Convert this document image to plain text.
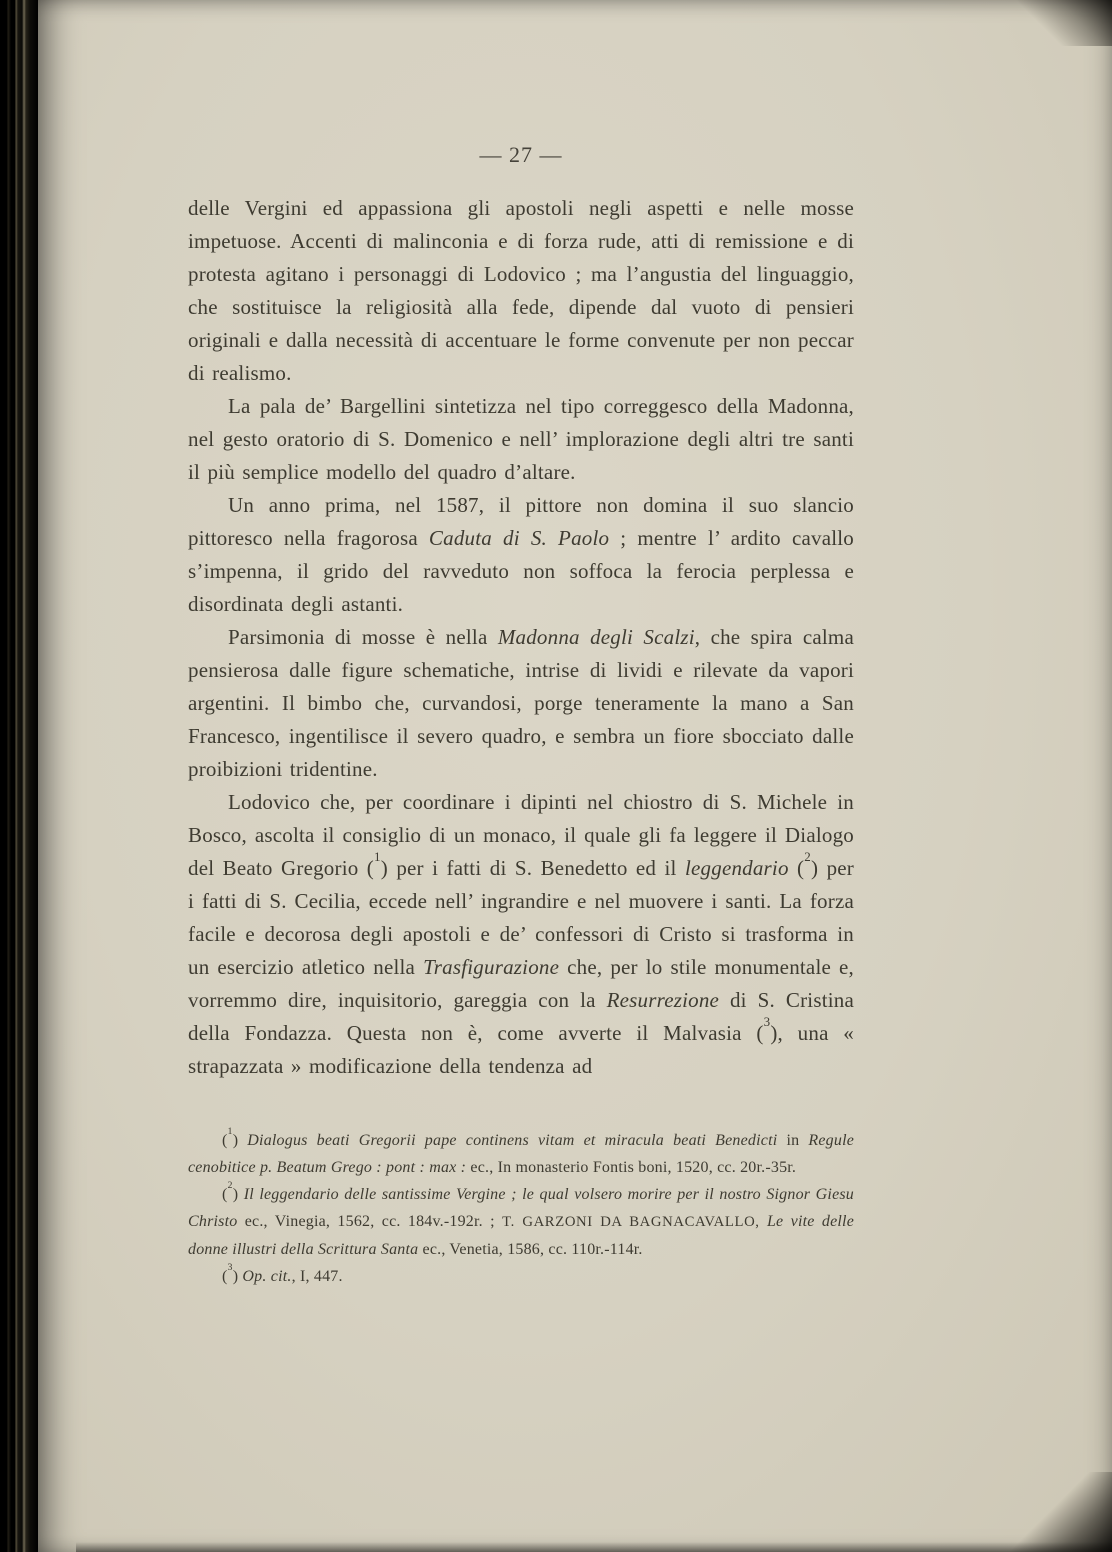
— 27 —

delle Vergini ed appassiona gli apostoli negli aspetti e nelle mosse impetuose. Accenti di malinconia e di forza rude, atti di remissione e di protesta agitano i personaggi di Lodovico ; ma l’angustia del linguaggio, che sostituisce la religiosità alla fede, dipende dal vuoto di pensieri originali e dalla necessità di accentuare le forme convenute per non peccar di realismo.

La pala de’ Bargellini sintetizza nel tipo correggesco della Madonna, nel gesto oratorio di S. Domenico e nell’ implorazione degli altri tre santi il più semplice modello del quadro d’altare.

Un anno prima, nel 1587, il pittore non domina il suo slancio pittoresco nella fragorosa Caduta di S. Paolo ; mentre l’ ardito cavallo s’impenna, il grido del ravveduto non soffoca la ferocia perplessa e disordinata degli astanti.

Parsimonia di mosse è nella Madonna degli Scalzi, che spira calma pensierosa dalle figure schematiche, intrise di lividi e rilevate da vapori argentini. Il bimbo che, curvandosi, porge teneramente la mano a San Francesco, ingentilisce il severo quadro, e sembra un fiore sbocciato dalle proibizioni tridentine.

Lodovico che, per coordinare i dipinti nel chiostro di S. Michele in Bosco, ascolta il consiglio di un monaco, il quale gli fa leggere il Dialogo del Beato Gregorio ($^1$) per i fatti di S. Benedetto ed il leggendario ($^2$) per i fatti di S. Cecilia, eccede nell’ ingrandire e nel muovere i santi. La forza facile e decorosa degli apostoli e de’ confessori di Cristo si trasforma in un esercizio atletico nella Trasfigurazione che, per lo stile monumentale e, vorremmo dire, inquisitorio, gareggia con la Resurrezione di S. Cristina della Fondazza. Questa non è, come avverte il Malvasia ($^3$), una « strapazzata » modificazione della tendenza ad

($^1$) Dialogus beati Gregorii pape continens vitam et miracula beati Benedicti in Regule cenobitice p. Beatum Grego : pont : max : ec., In monasterio Fontis boni, 1520, cc. 20r.-35r.

($^2$) Il leggendario delle santissime Vergine ; le qual volsero morire per il nostro Signor Giesu Christo ec., Vinegia, 1562, cc. 184v.-192r. ; T. GARZONI DA BAGNACAVALLO, Le vite delle donne illustri della Scrittura Santa ec., Venetia, 1586, cc. 110r.-114r.

($^3$) Op. cit., I, 447.
